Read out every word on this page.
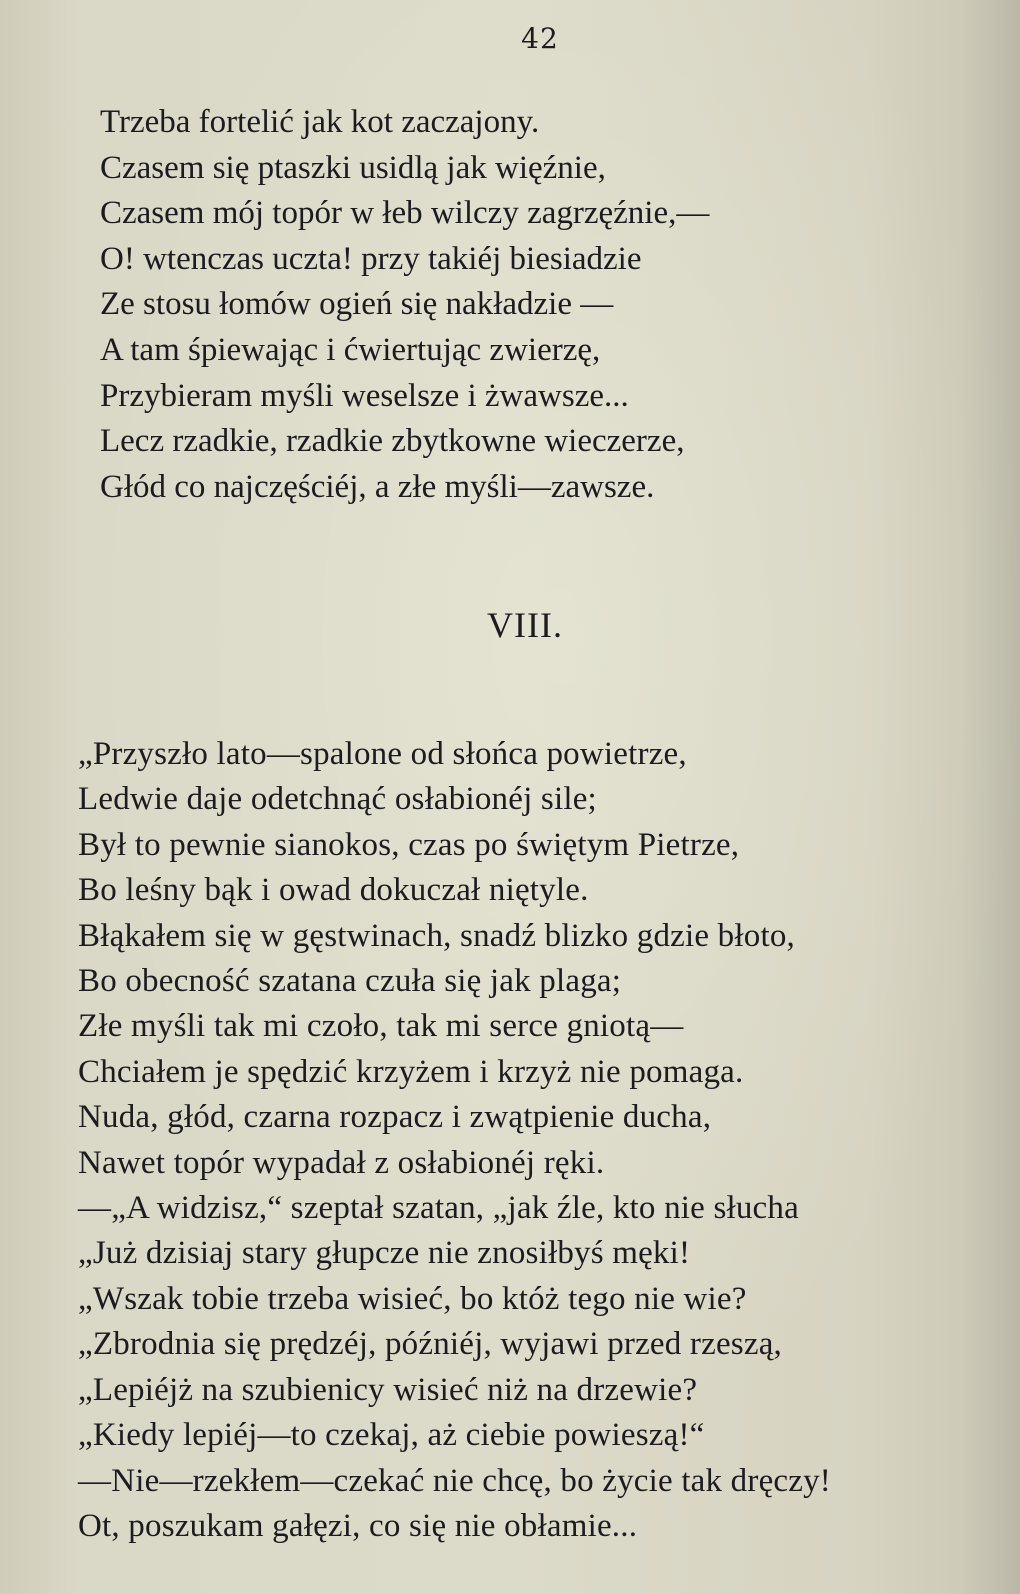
42
Trzeba fortelić jak kot zaczajony.
Czasem się ptaszki usidlą jak więźnie,
Czasem mój topór w łeb wilczy zagrzęźnie,—
O! wtenczas uczta! przy takiéj biesiadzie
Ze stosu łomów ogień się nakładzie —
A tam śpiewając i ćwiertując zwierzę,
Przybieram myśli weselsze i żwawsze...
Lecz rzadkie, rzadkie zbytkowne wieczerze,
Głód co najczęściéj, a złe myśli—zawsze.
VIII.
„Przyszło lato—spalone od słońca powietrze,
Ledwie daje odetchnąć osłabionéj sile;
Był to pewnie sianokos, czas po świętym Pietrze,
Bo leśny bąk i owad dokuczał niętyle.
Błąkałem się w gęstwinach, snadź blizko gdzie błoto,
Bo obecność szatana czuła się jak plaga;
Złe myśli tak mi czoło, tak mi serce gniotą—
Chciałem je spędzić krzyżem i krzyż nie pomaga.
Nuda, głód, czarna rozpacz i zwątpienie ducha,
Nawet topór wypadał z osłabionéj ręki.
—„A widzisz,“ szeptał szatan, „jak źle, kto nie słucha
„Już dzisiaj stary głupcze nie znosiłbyś męki!
„Wszak tobie trzeba wisieć, bo któż tego nie wie?
„Zbrodnia się prędzéj, późniéj, wyjawi przed rzeszą,
„Lepiéjż na szubienicy wisieć niż na drzewie?
„Kiedy lepiéj—to czekaj, aż ciebie powieszą!“
—Nie—rzekłem—czekać nie chcę, bo życie tak dręczy!
Ot, poszukam gałęzi, co się nie obłamie...
